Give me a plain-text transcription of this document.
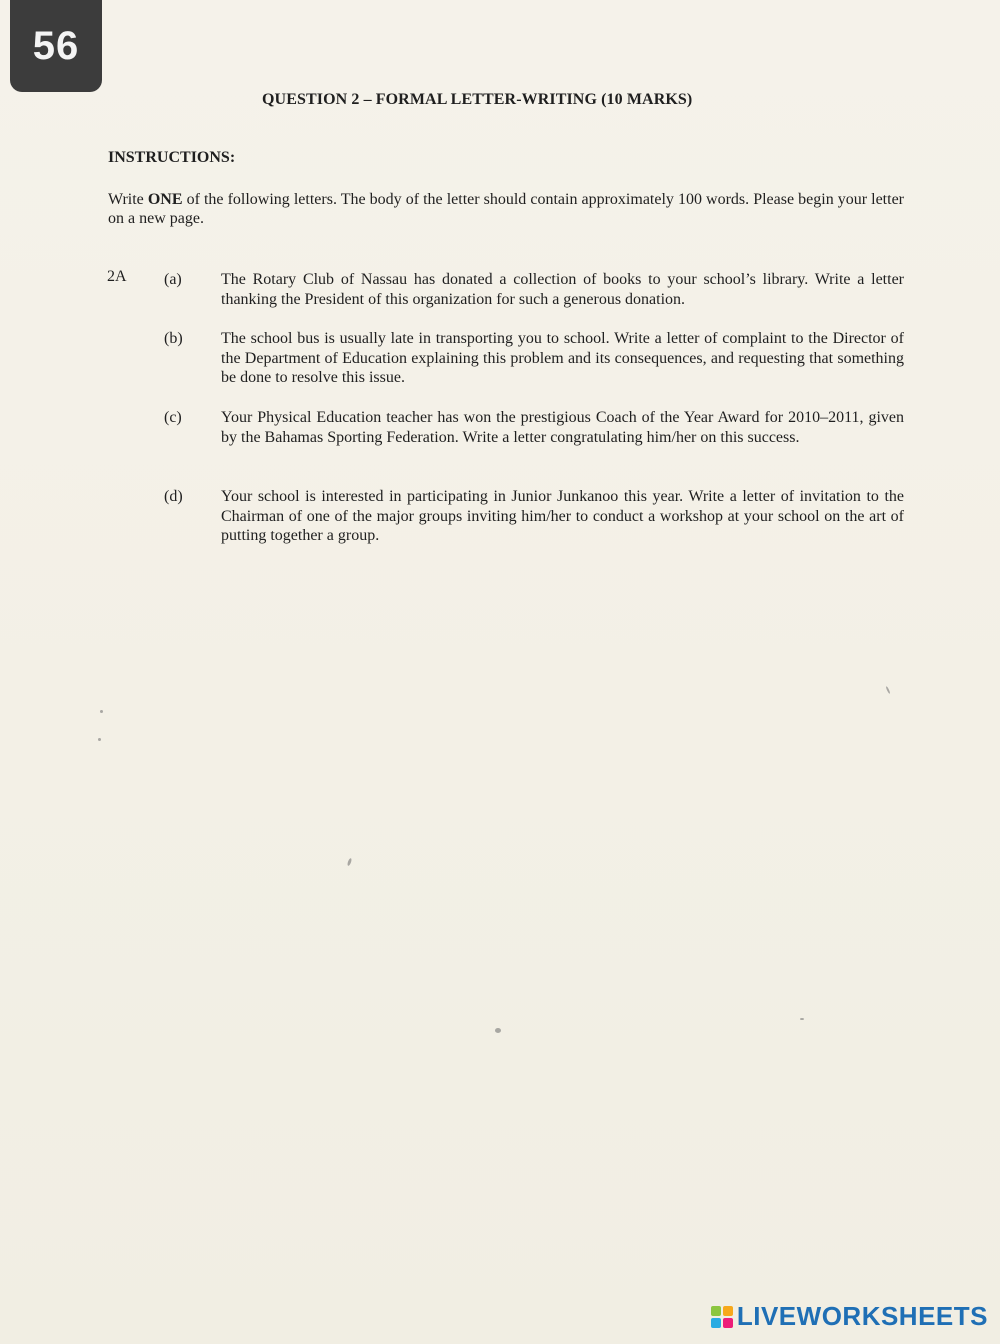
56
QUESTION 2 – FORMAL LETTER-WRITING (10 MARKS)
INSTRUCTIONS:
Write ONE of the following letters. The body of the letter should contain approximately 100 words. Please begin your letter on a new page.
2A (a) The Rotary Club of Nassau has donated a collection of books to your school’s library. Write a letter thanking the President of this organization for such a generous donation.
(b) The school bus is usually late in transporting you to school. Write a letter of complaint to the Director of the Department of Education explaining this problem and its consequences, and requesting that something be done to resolve this issue.
(c) Your Physical Education teacher has won the prestigious Coach of the Year Award for 2010–2011, given by the Bahamas Sporting Federation. Write a letter congratulating him/her on this success.
(d) Your school is interested in participating in Junior Junkanoo this year. Write a letter of invitation to the Chairman of one of the major groups inviting him/her to conduct a workshop at your school on the art of putting together a group.
LIVEWORKSHEETS
